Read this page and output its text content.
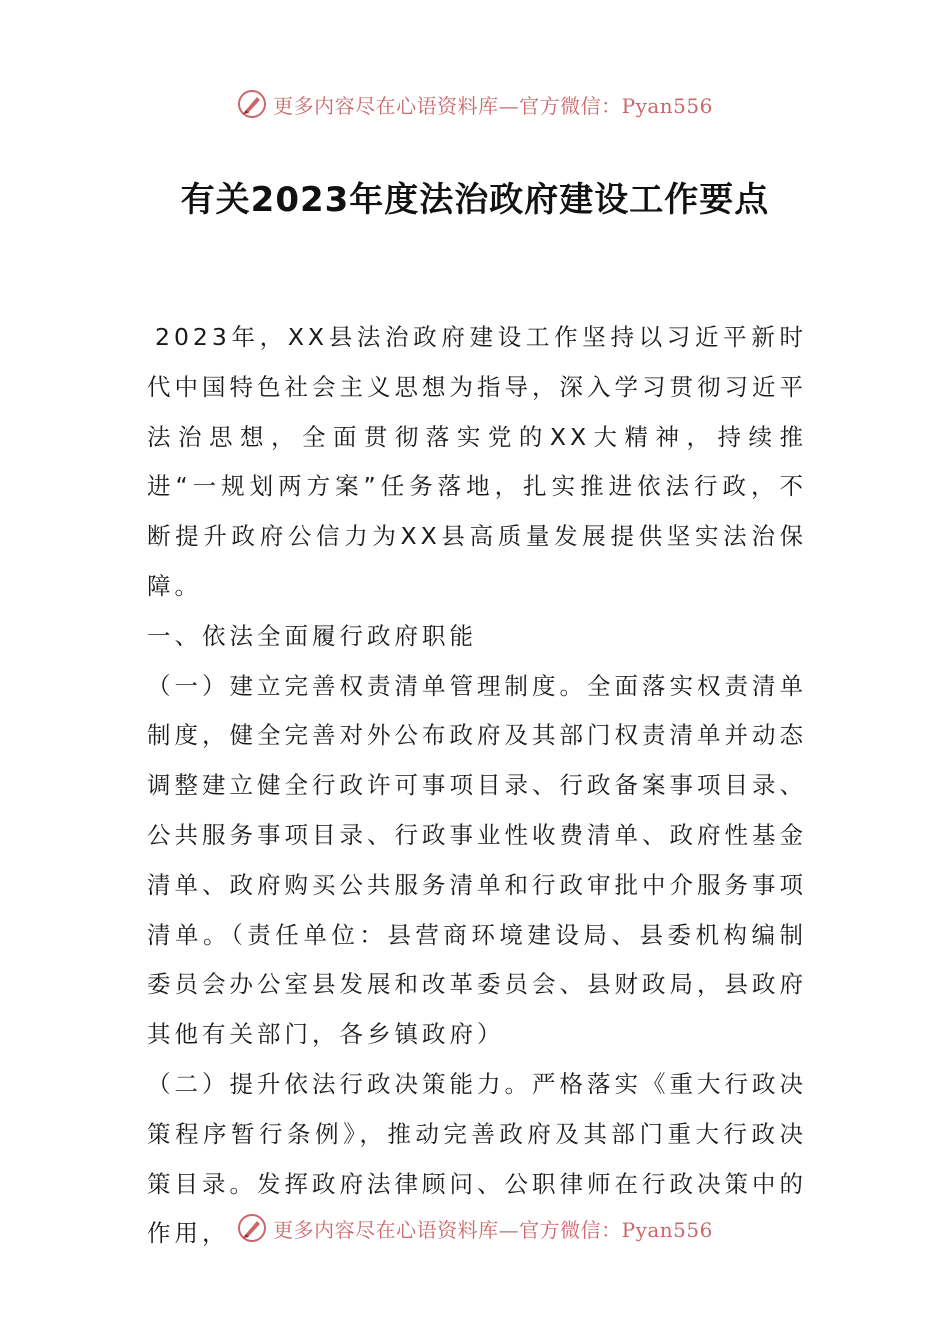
更多内容尽在心语资料库—官方微信：Pyan556
有关2023年度法治政府建设工作要点

2023年，XX县法治政府建设工作坚持以习近平新时代中国特色社会主义思想为指导，深入学习贯彻习近平法治思想，全面贯彻落实党的XX大精神，持续推进“一规划两方案”任务落地，扎实推进依法行政，不断提升政府公信力为XX县高质量发展提供坚实法治保障。

一、依法全面履行政府职能

（一）建立完善权责清单管理制度。全面落实权责清单制度，健全完善对外公布政府及其部门权责清单并动态调整建立健全行政许可事项目录、行政备案事项目录、公共服务事项目录、行政事业性收费清单、政府性基金清单、政府购买公共服务清单和行政审批中介服务事项清单。（责任单位：县营商环境建设局、县委机构编制委员会办公室县发展和改革委员会、县财政局，县政府其他有关部门，各乡镇政府）

（二）提升依法行政决策能力。严格落实《重大行政决策程序暂行条例》，推动完善政府及其部门重大行政决策目录。发挥政府法律顾问、公职律师在行政决策中的作用，	更多内容尽在心语资料库—官方微信：Pyan556
